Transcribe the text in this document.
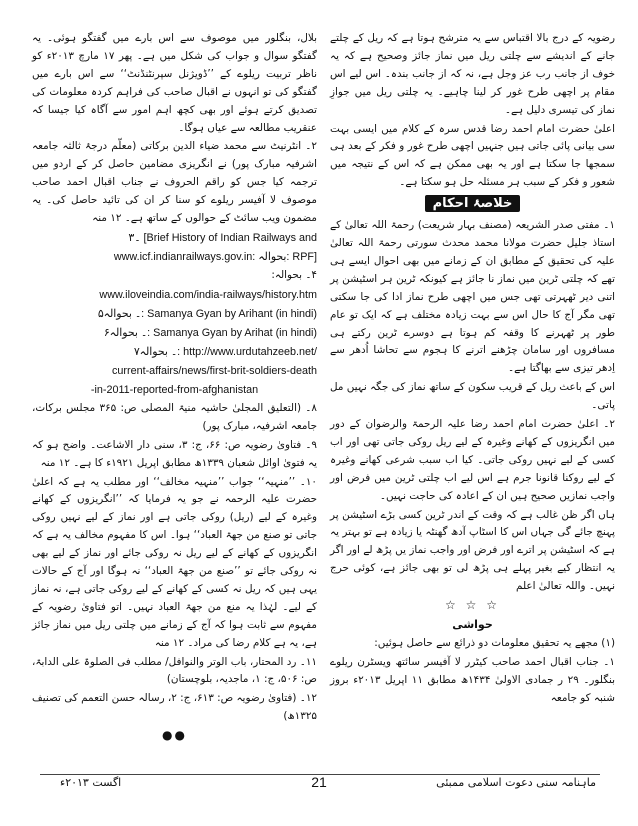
رضویہ کے درج بالا اقتباس سے یہ مترشح ہوتا ہے کہ ریل کے چلتے جانے کے اندیشے سے چلتی ریل میں نماز جائز وصحیح ہے کہ یہ خوف از جانب رب عز وجل ہے، نہ کہ از جانب بندہ۔ اس لیے اس مقام پر اچھی طرح غور کر لینا چاہیے۔ یہ چلتی ریل میں جوازِ نماز کی تیسری دلیل ہے۔

اعلیٰ حضرت امام احمد رضا قدس سرہ کے کلام میں ایسی بہت سی بیانی پائی جاتی ہیں جنہیں اچھی طرح غور و فکر کے بعد ہی سمجھا جا سکتا ہے اور یہ بھی ممکن ہے کہ اس کے نتیجہ میں شعور و فکر کے سبب ہر مسئلہ حل ہو سکتا ہے۔

خلاصۂ احکام

۱۔ مفتی صدر الشریعہ (مصنف بہار شریعت) رحمۃ اللہ تعالیٰ کے استاذ جلیل حضرت مولانا محمد محدث سورتی رحمۃ اللہ تعالیٰ علیہ کی تحقیق کے مطابق ان کے زمانے میں بھی احوال ایسے ہی تھے کہ چلتی ٹرین میں نماز نا جائز ہے کیونکہ ٹرین ہر اسٹیشن پر اتنی دیر ٹھہرتی تھی جس میں اچھی طرح نماز ادا کی جا سکتی تھی مگر آج کا حال اس سے بہت زیادہ مختلف ہے کہ ایک تو عام طور پر ٹھہرنے کا وقفہ کم ہوتا ہے دوسرے ٹرین رکتے ہی مسافروں اور سامان چڑھنے اترنے کا ہجوم سے تحاشا اُدھر سے اِدھر تیزی سے بھاگتا ہے۔

اس کے باعث ریل کے قریب سکون کے ساتھ نماز کی جگہ نہیں مل پاتی۔

۲۔ اعلیٰ حضرت امام احمد رضا علیہ الرحمۃ والرضوان کے دور میں انگریزوں کے کھانے وغیرہ کے لیے ریل روکی جاتی تھی اور اب کسی کے لیے نہیں روکی جاتی۔ کیا اب سبب شرعی کھانے وغیرہ کے لیے روکنا قانونا جرم ہے اس لیے اب چلتی ٹرین میں فرض اور واجب نمازیں صحیح ہیں ان کے اعادہ کی حاجت نہیں۔

ہاں اگر ظن غالب ہے کہ وقت کے اندر ٹرین کسی بڑے اسٹیشن پر پہنچ جائے گی جہاں اس کا اسٹاپ آدھ گھنٹہ یا زیادہ ہے تو بہتر یہ ہے کہ اسٹیشن پر اترے اور فرض اور واجب نماز یں پڑھ لے اور اگر یہ انتظار کیے بغیر پہلے ہی پڑھ لی تو بھی جائز ہے، کوئی حرج نہیں۔ واللہ تعالیٰ اعلم

☆ ☆ ☆

حواشی

(۱) مجھے یہ تحقیق معلومات دو ذرائع سے حاصل ہوئیں:

۱۔ جناب اقبال احمد صاحب کیٹرر لا آفیسر سائتھ ویسٹرن ریلوے بنگلور۔ ۲۹ ر جمادی الاولیٰ ۱۴۳۴ھ مطابق ۱۱ اپریل ۲۰۱۳ء بروز شنبہ کو جامعہ

بلال، بنگلور میں موصوف سے اس بارے میں گفتگو ہوئی۔ یہ گفتگو سوال و جواب کی شکل میں ہے۔ پھر ۱۷ مارچ ۲۰۱۳ء کو ناظر تربیت ریلوے کے ’’ڈویژنل سپرنٹنڈنٹ‘‘ سے اس بارے میں گفتگو کی تو انہوں نے اقبال صاحب کی فراہم کردہ معلومات کی تصدیق کرتے ہوئے اور بھی کچھ اہم امور سے آگاہ کیا جیسا کہ عنقریب مطالعہ سے عیاں ہوگا۔

۲۔ انٹرنیٹ سے محمد ضیاء الدین برکاتی (معلّم درجۂ ثالثہ جامعہ اشرفیہ مبارک پور) نے انگریزی مضامین حاصل کر کے اردو میں ترجمہ کیا جس کو راقم الحروف نے جناب اقبال احمد صاحب موصوف لا آفیسر ریلوے کو سنا کر ان کی تائید حاصل کی۔ یہ مضمون ویب سائٹ کے حوالوں کے ساتھ ہے۔ ۱۲ منہ

۳۔ [Brief History of Indian Railways and

www.icf.indianrailways.gov.in: بحوالہ: RPF]

۴۔ بحوالہ:

www.iloveindia.com/india-railways/history.htm

۵۔ بحوالہ: Samanya Gyan by Arihant (in hindi)

۶۔ بحوالہ: Samanya Gyan by Arihat (in hindi)

۷۔ بحوالہ: http://www.urdutahzeeb.net/

current-affairs/news/first-brit-soldiers-death

-in-2011-reported-from-afghanistan

۸۔ (التعلیق المجلیٰ حاشیہ منیۃ المصلی ص: ۳۶۵ مجلس برکات، جامعہ اشرفیہ، مبارک پور)

۹۔ فتاویٰ رضویہ ص: ۶۶، ج: ۳، سنی دار الاشاعت۔ واضح ہو کہ یہ فتویٰ اوائل شعبان ۱۳۳۹ھ مطابق اپریل ۱۹۲۱ء کا ہے۔ ۱۲ منہ

۱۰۔ ’’منہیہ‘‘ جواب ’’منہیہ مخالف‘‘ اور مطلب یہ ہے کہ اعلیٰ حضرت علیہ الرحمہ نے جو یہ فرمایا کہ ’’انگریزوں کے کھانے وغیرہ کے لیے (ریل) روکی جاتی ہے اور نماز کے لیے نہیں روکی جاتی تو صنع من جھۃ العباد‘‘ ہوا۔ اس کا مفہوم مخالف یہ ہے کہ انگریزوں کے کھانے کے لیے ریل نہ روکی جائے اور نماز کے لیے بھی نہ روکی جائے تو ’’صنع من جھۃ العباد‘‘ نہ ہوگا اور آج کے حالات یہی ہیں کہ ریل نہ کسی کے کھانے کے لیے روکی جاتی ہے، نہ نماز کے لیے۔ لہٰذا یہ منع من جھۃ العباد نہیں۔ اتو فتاویٰ رضویہ کے مفہوم سے ثابت ہوا کہ آج کے زمانے میں چلتی ریل میں نماز جائز ہے، یہ ہے کلام رضا کی مراد۔ ۱۲ منہ

۱۱۔ رد المحتار، باب الوتر والنوافل/ مطلب فی الصلوۃ علی الدابۃ، ص: ۵۰۶، ج: ۱، ماجدیہ، بلوچستان)

۱۲۔ (فتاویٰ رضویہ ص: ۶۱۳، ج: ۲، رسالہ حسن التعمم کی تصنیف ۱۳۲۵ھ)

●●

ماہنامہ سنی دعوت اسلامی ممبئی
21
اگست ۲۰۱۳ء
